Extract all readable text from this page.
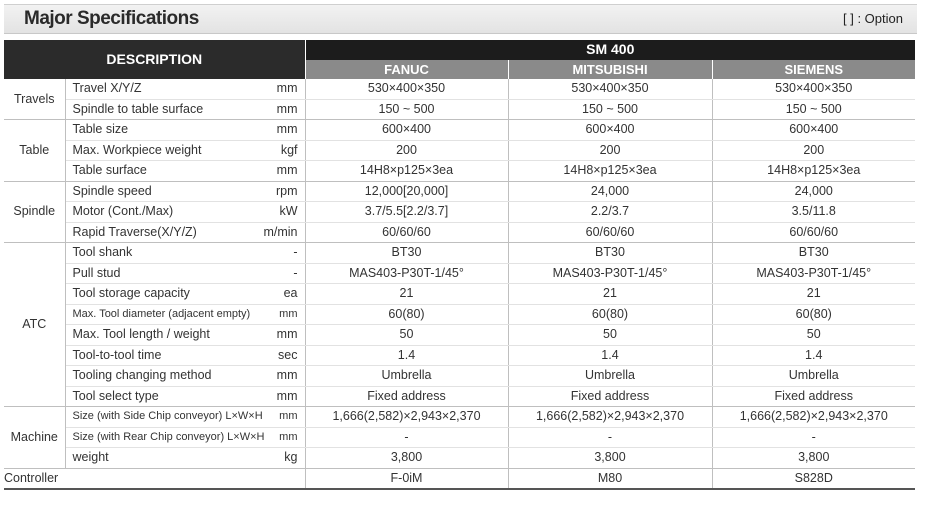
Major Specifications	[ ] : Option
DESCRIPTION		SM 400		
		FANUC	MITSUBISHI	SIEMENS
Travels	Travel X/Y/Z mm	530×400×350	530×400×350	530×400×350
	Spindle to table surface mm	150 ~ 500	150 ~ 500	150 ~ 500
Table	Table size mm	600×400	600×400	600×400
	Max. Workpiece weight kgf	200	200	200
	Table surface mm	14H8×p125×3ea	14H8×p125×3ea	14H8×p125×3ea
Spindle	Spindle speed rpm	12,000[20,000]	24,000	24,000
	Motor (Cont./Max) kW	3.7/5.5[2.2/3.7]	2.2/3.7	3.5/11.8
	Rapid Traverse(X/Y/Z) m/min	60/60/60	60/60/60	60/60/60
ATC	Tool shank -	BT30	BT30	BT30
	Pull stud -	MAS403-P30T-1/45°	MAS403-P30T-1/45°	MAS403-P30T-1/45°
	Tool storage capacity ea	21	21	21
	Max. Tool diameter (adjacent empty) mm	60(80)	60(80)	60(80)
	Max. Tool length / weight mm	50	50	50
	Tool-to-tool time sec	1.4	1.4	1.4
	Tooling changing method mm	Umbrella	Umbrella	Umbrella
	Tool select type mm	Fixed address	Fixed address	Fixed address
Machine	Size (with Side Chip conveyor) L×W×H mm	1,666(2,582)×2,943×2,370	1,666(2,582)×2,943×2,370	1,666(2,582)×2,943×2,370
	Size (with Rear Chip conveyor) L×W×H mm	-	-	-
	weight kg	3,800	3,800	3,800
Controller		F-0iM	M80	S828D
